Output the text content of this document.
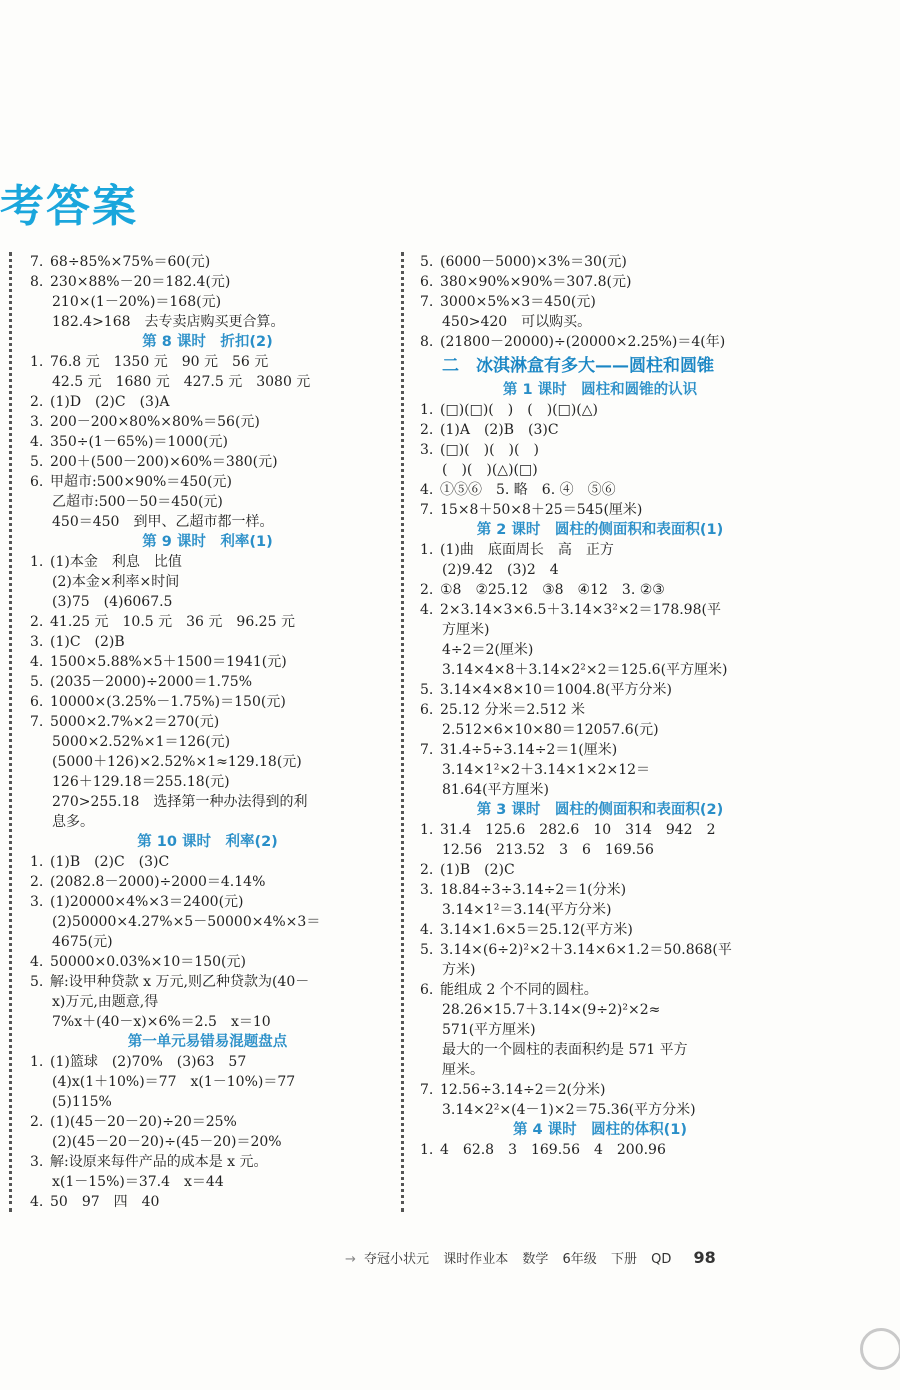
考答案
7. 68÷85%×75%＝60(元)
8. 230×88%－20＝182.4(元)
210×(1－20%)＝168(元)
182.4>168　去专卖店购买更合算。
第 8 课时　折扣(2)
1. 76.8 元　1350 元　90 元　56 元
42.5 元　1680 元　427.5 元　3080 元
2. (1)D　(2)C　(3)A
3. 200－200×80%×80%＝56(元)
4. 350÷(1－65%)＝1000(元)
5. 200＋(500－200)×60%＝380(元)
6. 甲超市:500×90%＝450(元)
乙超市:500－50＝450(元)
450＝450　到甲、乙超市都一样。
第 9 课时　利率(1)
1. (1)本金　利息　比值
(2)本金×利率×时间
(3)75　(4)6067.5
2. 41.25 元　10.5 元　36 元　96.25 元
3. (1)C　(2)B
4. 1500×5.88%×5＋1500＝1941(元)
5. (2035－2000)÷2000＝1.75%
6. 10000×(3.25%－1.75%)＝150(元)
7. 5000×2.7%×2＝270(元)
5000×2.52%×1＝126(元)
(5000＋126)×2.52%×1≈129.18(元)
126＋129.18＝255.18(元)
270>255.18　选择第一种办法得到的利
息多。
第 10 课时　利率(2)
1. (1)B　(2)C　(3)C
2. (2082.8－2000)÷2000＝4.14%
3. (1)20000×4%×3＝2400(元)
(2)50000×4.27%×5－50000×4%×3＝
4675(元)
4. 50000×0.03%×10＝150(元)
5. 解:设甲种贷款 x 万元,则乙种贷款为(40－
x)万元,由题意,得
7%x＋(40－x)×6%＝2.5　x＝10
第一单元易错易混题盘点
1. (1)篮球　(2)70%　(3)63　57
(4)x(1＋10%)＝77　x(1－10%)＝77
(5)115%
2. (1)(45－20－20)÷20＝25%
(2)(45－20－20)÷(45－20)＝20%
3. 解:设原来每件产品的成本是 x 元。
x(1－15%)＝37.4　x＝44
4. 50　97　四　40
5. (6000－5000)×3%＝30(元)
6. 380×90%×90%＝307.8(元)
7. 3000×5%×3＝450(元)
450>420　可以购买。
8. (21800－20000)÷(20000×2.25%)＝4(年)
二　冰淇淋盒有多大——圆柱和圆锥
第 1 课时　圆柱和圆锥的认识
1. (□)(□)(　)　(　)(□)(△)
2. (1)A　(2)B　(3)C
3. (□)(　)(　)(　)
(　)(　)(△)(□)
4. ①⑤⑥　5. 略　6. ④　⑤⑥
7. 15×8＋50×8＋25＝545(厘米)
第 2 课时　圆柱的侧面积和表面积(1)
1. (1)曲　底面周长　高　正方
(2)9.42　(3)2　4
2. ①8　②25.12　③8　④12　3. ②③
4. 2×3.14×3×6.5＋3.14×3²×2＝178.98(平
方厘米)
4÷2＝2(厘米)
3.14×4×8＋3.14×2²×2＝125.6(平方厘米)
5. 3.14×4×8×10＝1004.8(平方分米)
6. 25.12 分米＝2.512 米
2.512×6×10×80＝12057.6(元)
7. 31.4÷5÷3.14÷2＝1(厘米)
3.14×1²×2＋3.14×1×2×12＝
81.64(平方厘米)
第 3 课时　圆柱的侧面积和表面积(2)
1. 31.4　125.6　282.6　10　314　942　2
12.56　213.52　3　6　169.56
2. (1)B　(2)C
3. 18.84÷3÷3.14÷2＝1(分米)
3.14×1²＝3.14(平方分米)
4. 3.14×1.6×5＝25.12(平方米)
5. 3.14×(6÷2)²×2＋3.14×6×1.2＝50.868(平
方米)
6. 能组成 2 个不同的圆柱。
28.26×15.7＋3.14×(9÷2)²×2≈
571(平方厘米)
最大的一个圆柱的表面积约是 571 平方
厘米。
7. 12.56÷3.14÷2＝2(分米)
3.14×2²×(4－1)×2＝75.36(平方分米)
第 4 课时　圆柱的体积(1)
1. 4　62.8　3　169.56　4　200.96
→ 夺冠小状元 课时作业本 数学 6年级 下册 QD 98
